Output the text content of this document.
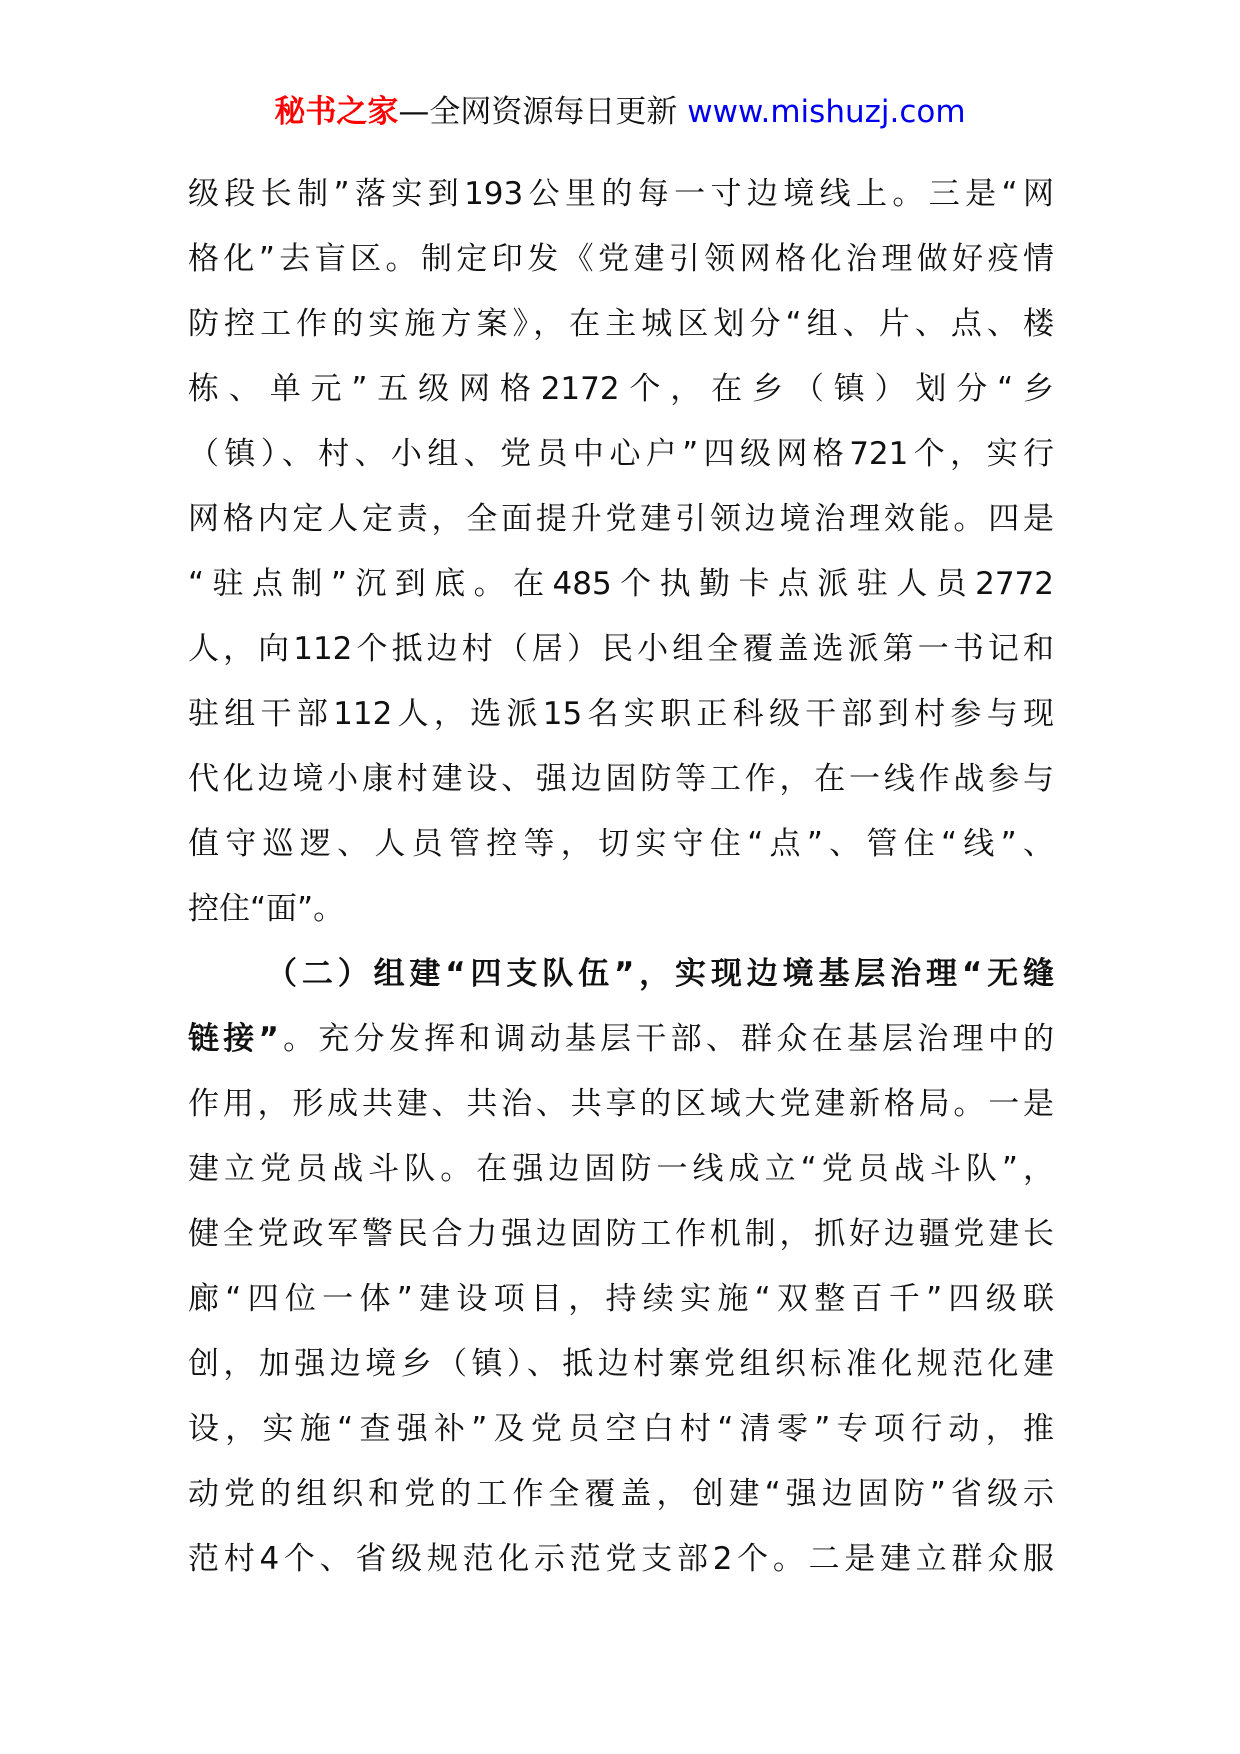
秘书之家—全网资源每日更新 www.mishuzj.com
级段长制”落实到193公里的每一寸边境线上。三是“网
格化”去盲区。制定印发《党建引领网格化治理做好疫情
防控工作的实施方案》，在主城区划分“组、片、点、楼
栋、单元”五级网格2172个，在乡（镇）划分“乡
（镇）、村、小组、党员中心户”四级网格721个，实行
网格内定人定责，全面提升党建引领边境治理效能。四是
“驻点制”沉到底。在485个执勤卡点派驻人员2772
人，向112个抵边村（居）民小组全覆盖选派第一书记和
驻组干部112人，选派15名实职正科级干部到村参与现
代化边境小康村建设、强边固防等工作，在一线作战参与
值守巡逻、人员管控等，切实守住“点”、管住“线”、
控住“面”。
（二）组建“四支队伍”，实现边境基层治理“无缝
链接”。充分发挥和调动基层干部、群众在基层治理中的
作用，形成共建、共治、共享的区域大党建新格局。一是
建立党员战斗队。在强边固防一线成立“党员战斗队”，
健全党政军警民合力强边固防工作机制，抓好边疆党建长
廊“四位一体”建设项目，持续实施“双整百千”四级联
创，加强边境乡（镇）、抵边村寨党组织标准化规范化建
设，实施“查强补”及党员空白村“清零”专项行动，推
动党的组织和党的工作全覆盖，创建“强边固防”省级示
范村4个、省级规范化示范党支部2个。二是建立群众服
